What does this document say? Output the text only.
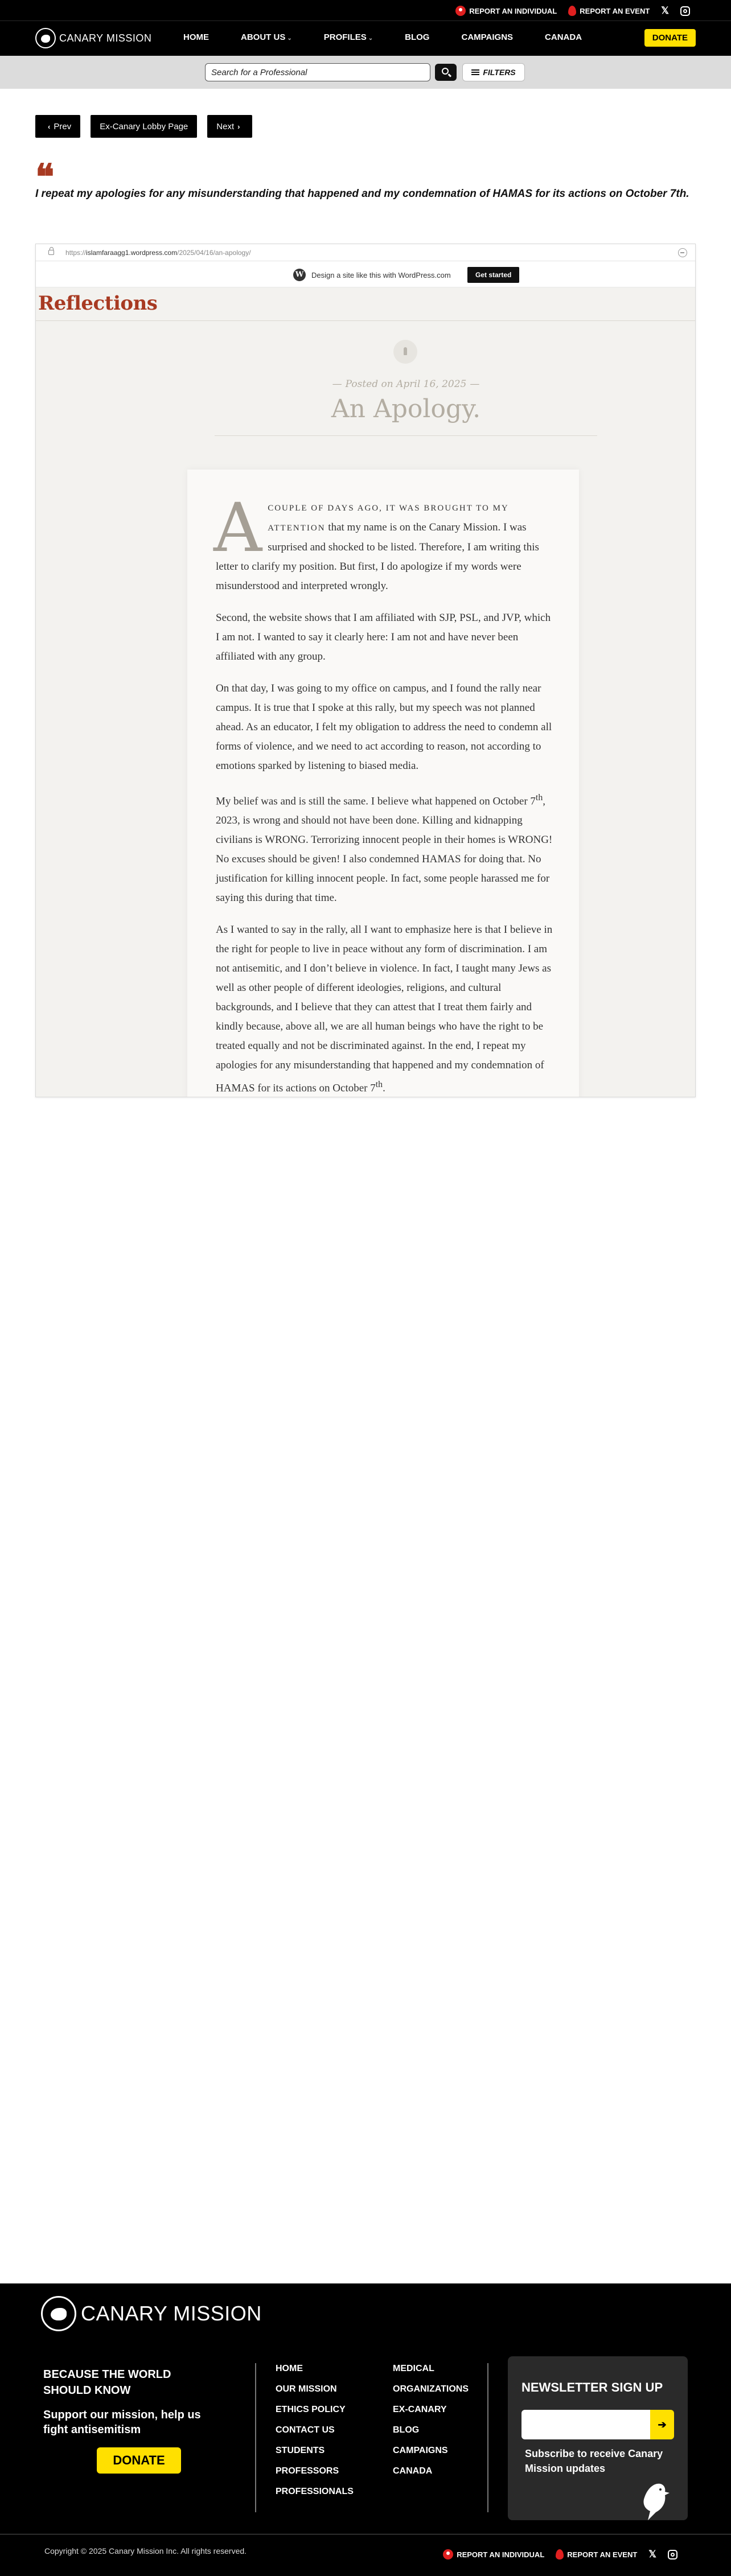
REPORT AN INDIVIDUAL	REPORT AN EVENT 𝕏
CANARY MISSION	HOME	ABOUT US ⌄	PROFILES ⌄	BLOG	CAMPAIGNS	CANADA	DONATE
Search for a Professional
FILTERS
‹ Prev	Ex-Canary Lobby Page	Next ›
❝
I repeat my apologies for any misunderstanding that happened and my condemnation of HAMAS for its actions on October 7th.
https://islamfaraagg1.wordpress.com/2025/04/16/an-apology/
W Design a site like this with WordPress.com	Get started
Reflections
— Posted on April 16, 2025 —
An Apology.

ACOUPLE OF DAYS AGO, IT WAS BROUGHT TO MY ATTENTION that my name is on the Canary Mission. I was surprised and shocked to be listed. Therefore, I am writing this letter to clarify my position. But first, I do apologize if my words were misunderstood and interpreted wrongly.

Second, the website shows that I am affiliated with SJP, PSL, and JVP, which I am not. I wanted to say it clearly here: I am not and have never been affiliated with any group.

On that day, I was going to my office on campus, and I found the rally near campus. It is true that I spoke at this rally, but my speech was not planned ahead. As an educator, I felt my obligation to address the need to condemn all forms of violence, and we need to act according to reason, not according to emotions sparked by listening to biased media.

My belief was and is still the same. I believe what happened on October 7th, 2023, is wrong and should not have been done. Killing and kidnapping civilians is WRONG. Terrorizing innocent people in their homes is WRONG! No excuses should be given! I also condemned HAMAS for doing that. No justification for killing innocent people. In fact, some people harassed me for saying this during that time.

As I wanted to say in the rally, all I want to emphasize here is that I believe in the right for people to live in peace without any form of discrimination. I am not antisemitic, and I don’t believe in violence. In fact, I taught many Jews as well as other people of different ideologies, religions, and cultural backgrounds, and I believe that they can attest that I treat them fairly and kindly because, above all, we are all human beings who have the right to be treated equally and not be discriminated against. In the end, I repeat my apologies for any misunderstanding that happened and my condemnation of HAMAS for its actions on October 7th.

CANARY MISSION
BECAUSE THE WORLD SHOULD KNOW
Support our mission, help us fight antisemitism
DONATE
HOME
OUR MISSION
ETHICS POLICY
CONTACT US
STUDENTS
PROFESSORS
PROFESSIONALS
MEDICAL
ORGANIZATIONS
EX-CANARY
BLOG
CAMPAIGNS
CANADA
NEWSLETTER SIGN UP
➔
Subscribe to receive Canary Mission updates
Copyright © 2025 Canary Mission Inc. All rights reserved.	REPORT AN INDIVIDUAL	REPORT AN EVENT 𝕏
